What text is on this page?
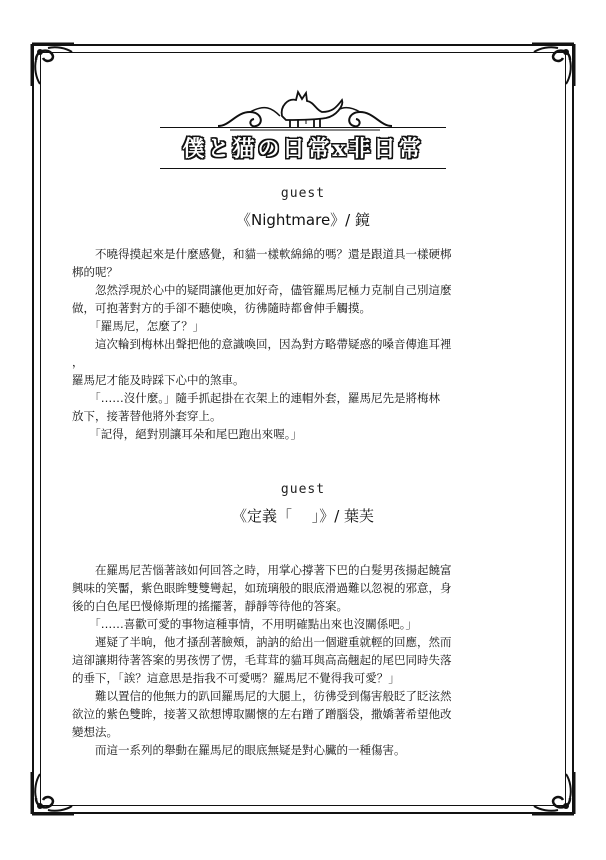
僕と猫の日常x非日常
guest
《Nightmare》/ 鏡

　　不曉得摸起來是什麼感覺，和貓一樣軟綿綿的嗎？還是跟道具一樣硬梆

梆的呢？

　　忽然浮現於心中的疑問讓他更加好奇，儘管羅馬尼極力克制自己別這麼

做，可抱著對方的手卻不聽使喚，彷彿隨時都會伸手觸摸。

　　「羅馬尼，怎麼了？」

　　這次輪到梅林出聲把他的意識喚回，因為對方略帶疑惑的嗓音傳進耳裡

，

羅馬尼才能及時踩下心中的煞車。

　　「……沒什麼。」隨手抓起掛在衣架上的連帽外套，羅馬尼先是將梅林

放下，接著替他將外套穿上。

　　「記得，絕對別讓耳朵和尾巴跑出來喔。」

guest
《定義「　 」》/ 葉芙

　　在羅馬尼苦惱著該如何回答之時，用掌心撐著下巴的白髮男孩揚起饒富

興味的笑靨，紫色眼眸雙雙彎起，如琉璃般的眼底滑過難以忽視的邪意，身

後的白色尾巴慢條斯理的搖擺著，靜靜等待他的答案。

　　「……喜歡可愛的事物這種事情，不用明確點出來也沒關係吧。」

　　遲疑了半晌，他才搔刮著臉頰，訥訥的給出一個避重就輕的回應，然而

這卻讓期待著答案的男孩愣了愣，毛茸茸的貓耳與高高翹起的尾巴同時失落

的垂下，「誒？這意思是指我不可愛嗎？羅馬尼不覺得我可愛？」

　　難以置信的他無力的趴回羅馬尼的大腿上，彷彿受到傷害般眨了眨泫然

欲泣的紫色雙眸，接著又欲想博取關懷的左右蹭了蹭腦袋，撒嬌著希望他改

變想法。

　　而這一系列的舉動在羅馬尼的眼底無疑是對心臟的一種傷害。
